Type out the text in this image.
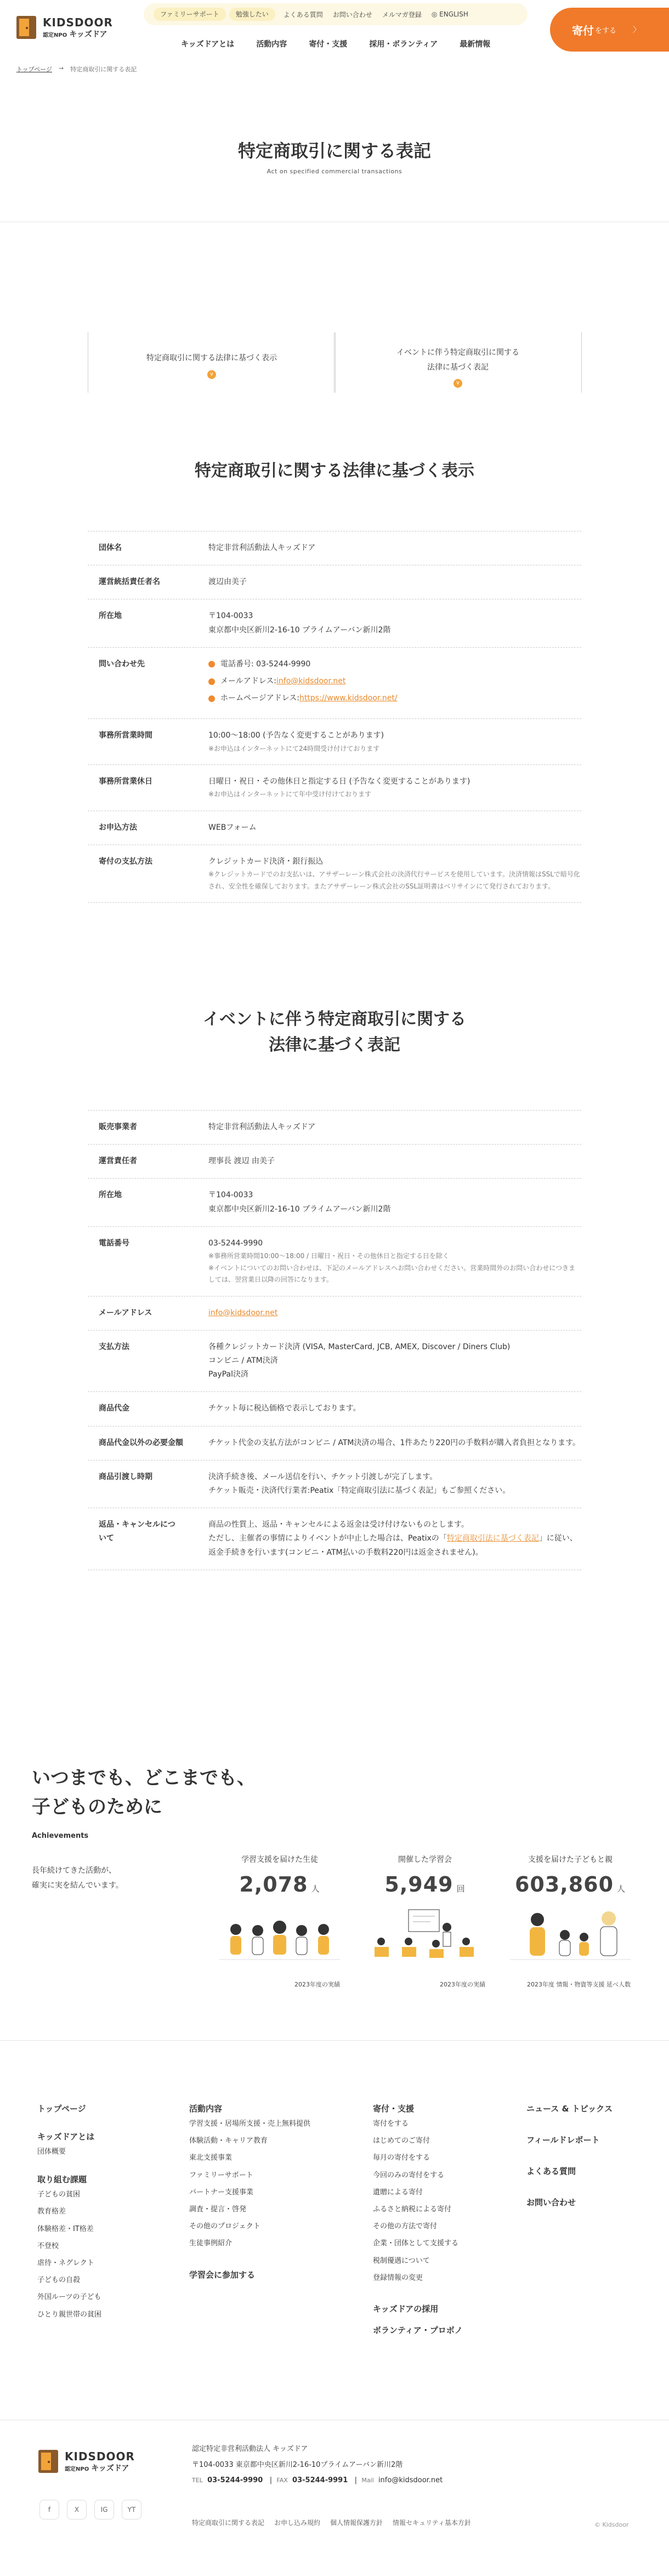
KIDSDOOR
認定NPO キッズドア
ファミリーサポート	勉強したい	よくある質問	お問い合わせ	メルマガ登録	◎ ENGLISH
キッズドアとは	活動内容	寄付・支援	採用・ボランティア	最新情報
寄付 をする 〉
トップページ → 特定商取引に関する表記
特定商取引に関する表記
Act on specified commercial transactions
特定商取引に関する法律に基づく表示
∨
イベントに伴う特定商取引に関する
法律に基づく表記
∨
特定商取引に関する法律に基づく表示
団体名	特定非営利活動法人キッズドア
運営統括責任者名	渡辺由美子
所在地	〒104-0033
東京都中央区新川2-16-10 プライムアーバン新川2階
問い合わせ先	電話番号: 03-5244-9990
メールアドレス: info@kidsdoor.net
ホームページアドレス: https://www.kidsdoor.net/
事務所営業時間	10:00〜18:00 (予告なく変更することがあります)
※お申込はインターネットにて24時間受け付けております
事務所営業休日	日曜日・祝日・その他休日と指定する日 (予告なく変更することがあります)
※お申込はインターネットにて年中受け付けております
お申込方法	WEBフォーム
寄付の支払方法	クレジットカード決済・銀行振込
※クレジットカードでのお支払いは、アサザーレーン株式会社の決済代行サービスを使用しています。決済情報はSSLで暗号化され、安全性を確保しております。またアサザーレーン株式会社のSSL証明書はベリサインにて発行されております。
イベントに伴う特定商取引に関する
法律に基づく表記
販売事業者	特定非営利活動法人キッズドア
運営責任者	理事長 渡辺 由美子
所在地	〒104-0033
東京都中央区新川2-16-10 プライムアーバン新川2階
電話番号	03-5244-9990
※事務所営業時間10:00〜18:00 / 日曜日・祝日・その他休日と指定する日を除く
※イベントについてのお問い合わせは、下記のメールアドレスへお問い合わせください。営業時間外のお問い合わせにつきましては、翌営業日以降の回答になります。
メールアドレス	info@kidsdoor.net
支払方法	各種クレジットカード決済 (VISA, MasterCard, JCB, AMEX, Discover / Diners Club)
コンビニ / ATM決済
PayPal決済
商品代金	チケット毎に税込価格で表示しております。
商品代金以外の必要金額	チケット代金の支払方法がコンビニ / ATM決済の場合、1件あたり220円の手数料が購入者負担となります。
商品引渡し時期	決済手続き後、メール送信を行い、チケット引渡しが完了します。
チケット販売・決済代行業者:Peatix「特定商取引法に基づく表記」もご参照ください。
返品・キャンセルについて
商品の性質上、返品・キャンセルによる返金は受け付けないものとします。
ただし、主催者の事情によりイベントが中止した場合は、Peatixの「特定商取引法に基づく表記」に従い、返金手続きを行います(コンビニ・ATM払いの手数料220円は返金されません)。
いつまでも、どこまでも、
子どものために
Achievements
長年続けてきた活動が、
確実に実を結んでいます。
学習支援を届けた生徒
2,078 人
2023年度の実績
開催した学習会
5,949 回
2023年度の実績
支援を届けた子どもと親
603,860 人
2023年度 情報・物資等支援 延べ人数
トップページ
キッズドアとは
団体概要
取り組む課題
子どもの貧困
教育格差
体験格差・IT格差
不登校
虐待・ネグレクト
子どもの自殺
外国ルーツの子ども
ひとり親世帯の貧困
活動内容
学習支援・居場所支援・売上無料提供
体験活動・キャリア教育
東北支援事業
ファミリーサポート
パートナー支援事業
調査・提言・啓発
その他のプロジェクト
生徒事例紹介
学習会に参加する
寄付・支援
寄付をする
はじめてのご寄付
毎月の寄付をする
今回のみの寄付をする
遺贈による寄付
ふるさと納税による寄付
その他の方法で寄付
企業・団体として支援する
税制優遇について
登録情報の変更
キッズドアの採用
ボランティア・プロボノ
ニュース & トピックス
フィールドレポート
よくある質問
お問い合わせ
KIDSDOOR
認定NPO キッズドア
認定特定非営利活動法人 キッズドア
〒104-0033 東京都中央区新川2-16-10プライムアーバン新川2階
TEL 03-5244-9990   |  FAX 03-5244-9991   |  Mail info@kidsdoor.net
f	X	IG	YT
特定商取引に関する表記 お申し込み規約 個人情報保護方針 情報セキュリティ基本方針	© Kidsdoor
